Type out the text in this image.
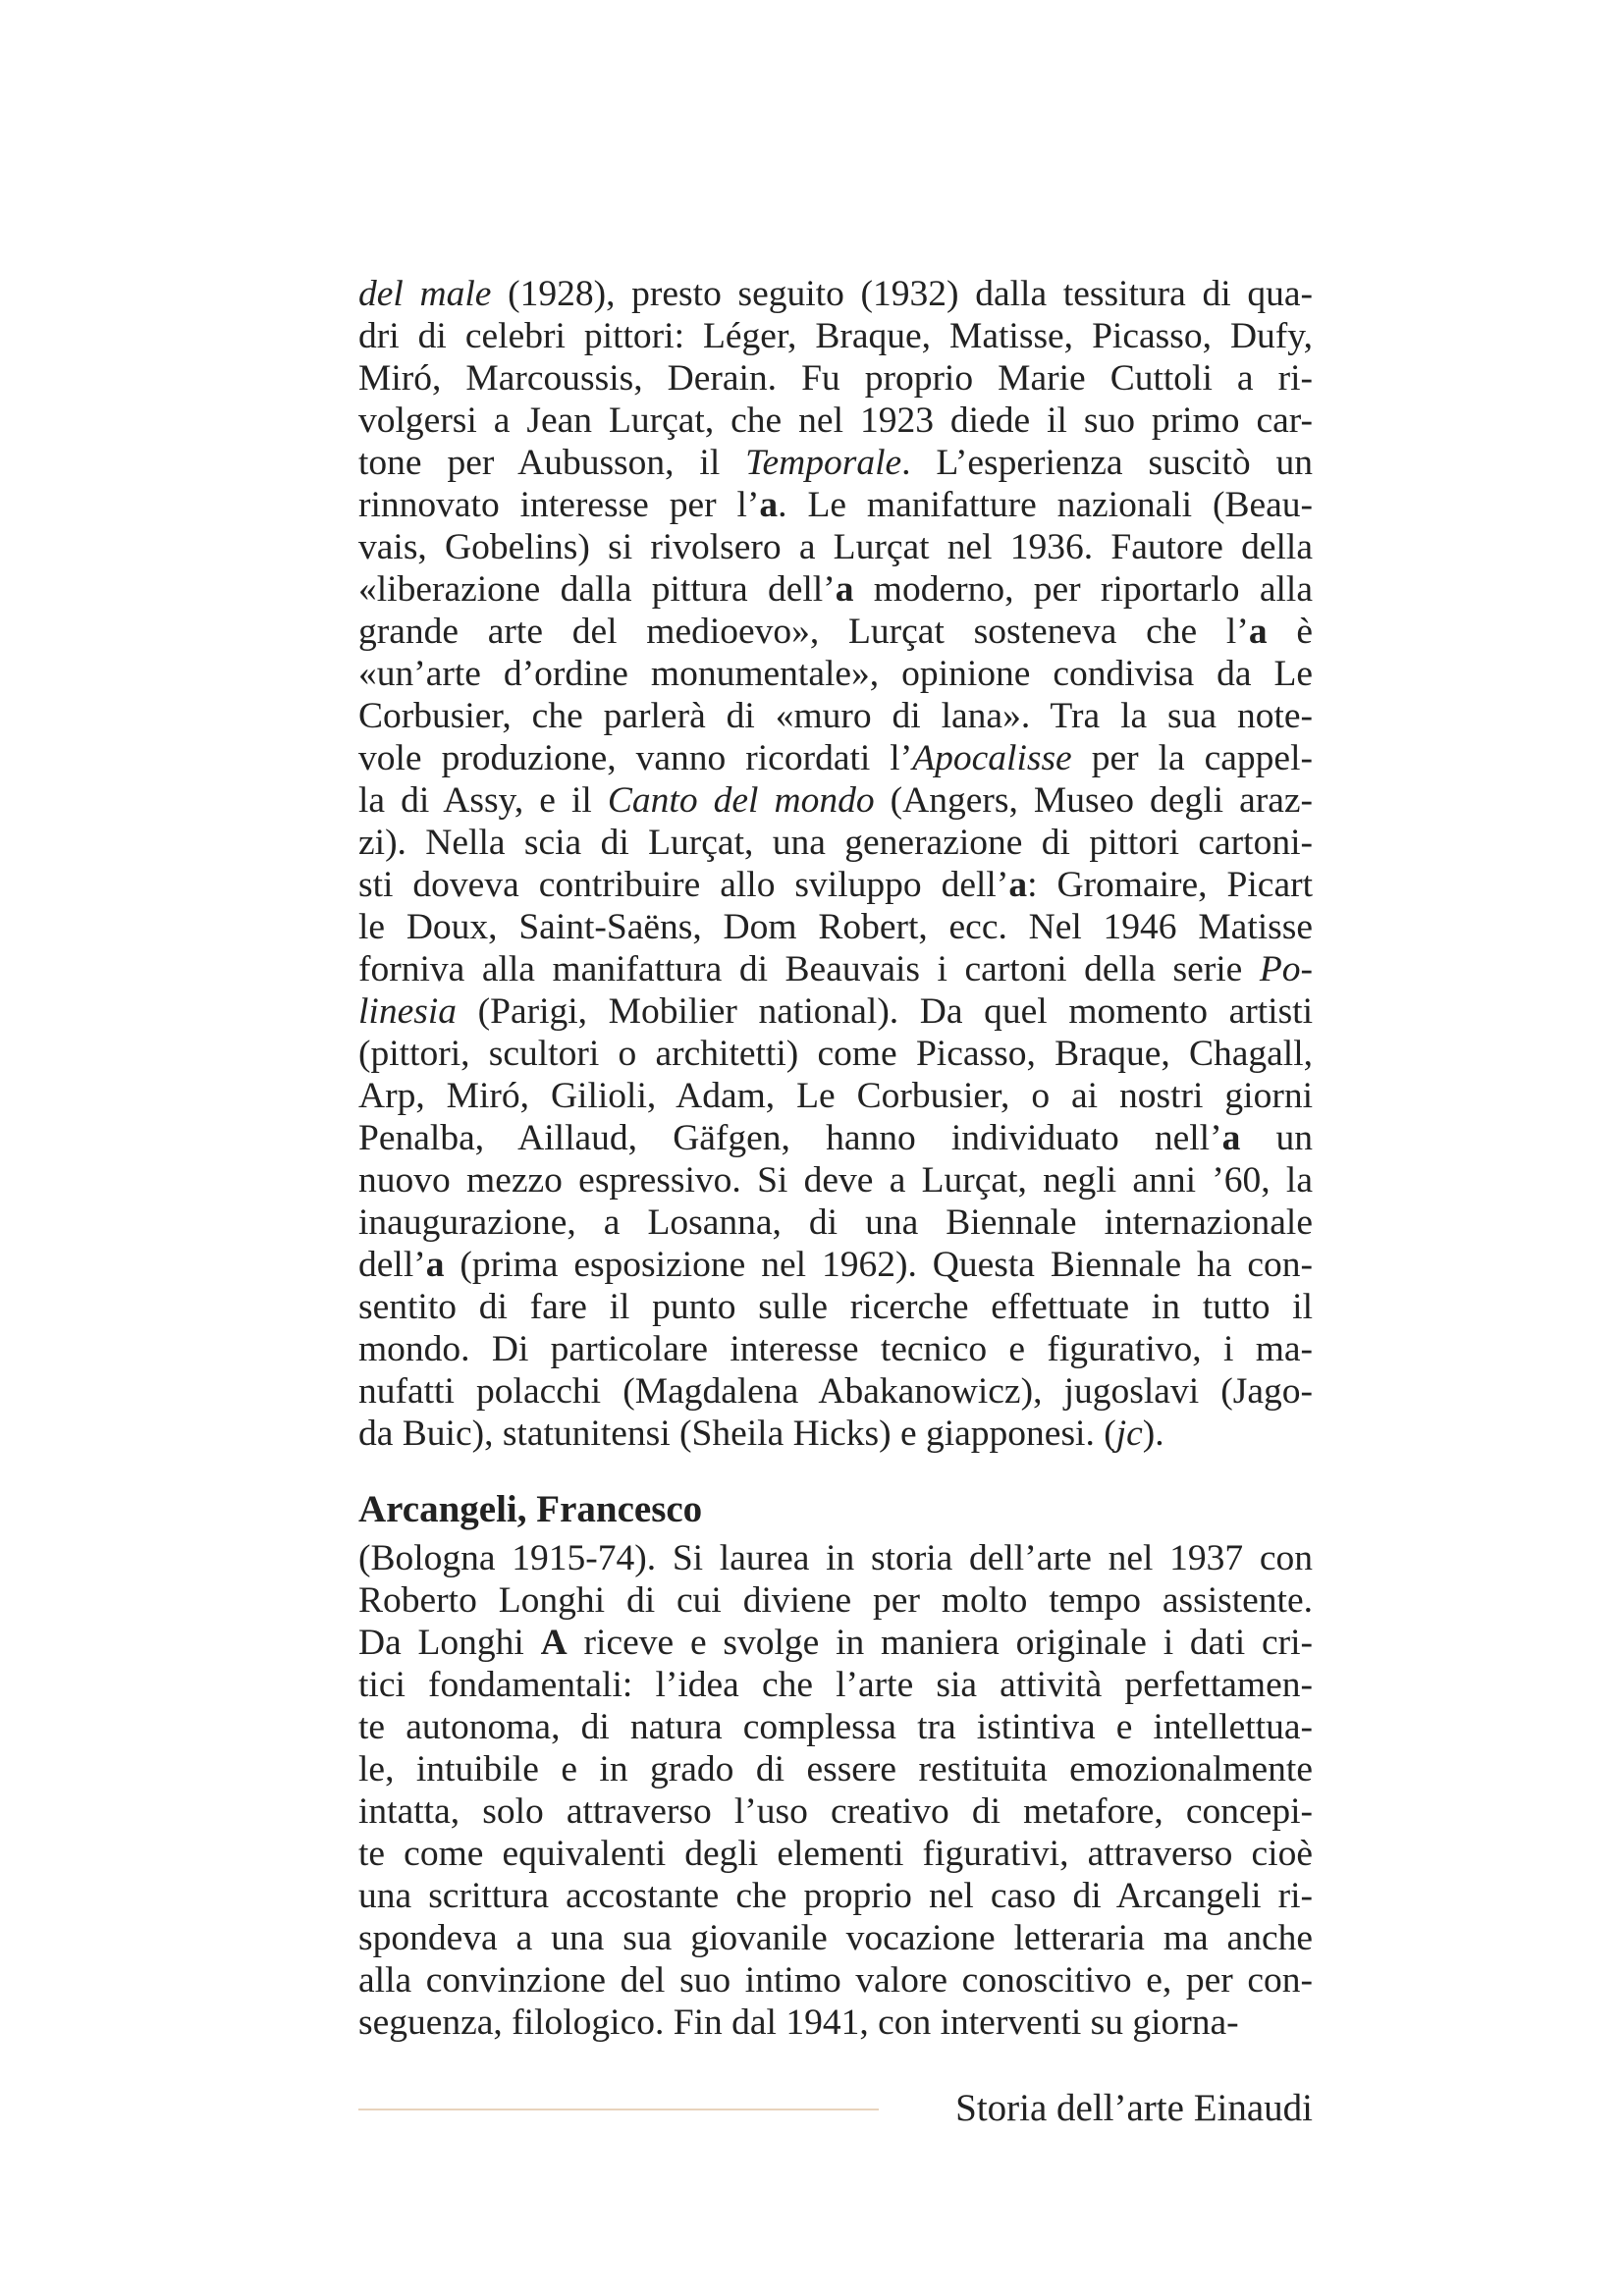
del male (1928), presto seguito (1932) dalla tessitura di qua-
dri di celebri pittori: Léger, Braque, Matisse, Picasso, Dufy,
Miró, Marcoussis, Derain. Fu proprio Marie Cuttoli a ri-
volgersi a Jean Lurçat, che nel 1923 diede il suo primo car-
tone per Aubusson, il Temporale. L’esperienza suscitò un
rinnovato interesse per l’a. Le manifatture nazionali (Beau-
vais, Gobelins) si rivolsero a Lurçat nel 1936. Fautore della
«liberazione dalla pittura dell’a moderno, per riportarlo alla
grande arte del medioevo», Lurçat sosteneva che l’a è
«un’arte d’ordine monumentale», opinione condivisa da Le
Corbusier, che parlerà di «muro di lana». Tra la sua note-
vole produzione, vanno ricordati l’Apocalisse per la cappel-
la di Assy, e il Canto del mondo (Angers, Museo degli araz-
zi). Nella scia di Lurçat, una generazione di pittori cartoni-
sti doveva contribuire allo sviluppo dell’a: Gromaire, Picart
le Doux, Saint-Saëns, Dom Robert, ecc. Nel 1946 Matisse
forniva alla manifattura di Beauvais i cartoni della serie Po-
linesia (Parigi, Mobilier national). Da quel momento artisti
(pittori, scultori o architetti) come Picasso, Braque, Chagall,
Arp, Miró, Gilioli, Adam, Le Corbusier, o ai nostri giorni
Penalba, Aillaud, Gäfgen, hanno individuato nell’a un
nuovo mezzo espressivo. Si deve a Lurçat, negli anni ’60, la
inaugurazione, a Losanna, di una Biennale internazionale
dell’a (prima esposizione nel 1962). Questa Biennale ha con-
sentito di fare il punto sulle ricerche effettuate in tutto il
mondo. Di particolare interesse tecnico e figurativo, i ma-
nufatti polacchi (Magdalena Abakanowicz), jugoslavi (Jago-
da Buic), statunitensi (Sheila Hicks) e giapponesi. (jc).
Arcangeli, Francesco
(Bologna 1915-74). Si laurea in storia dell’arte nel 1937 con
Roberto Longhi di cui diviene per molto tempo assistente.
Da Longhi A riceve e svolge in maniera originale i dati cri-
tici fondamentali: l’idea che l’arte sia attività perfettamen-
te autonoma, di natura complessa tra istintiva e intellettua-
le, intuibile e in grado di essere restituita emozionalmente
intatta, solo attraverso l’uso creativo di metafore, concepi-
te come equivalenti degli elementi figurativi, attraverso cioè
una scrittura accostante che proprio nel caso di Arcangeli ri-
spondeva a una sua giovanile vocazione letteraria ma anche
alla convinzione del suo intimo valore conoscitivo e, per con-
seguenza, filologico. Fin dal 1941, con interventi su giorna-
Storia dell’arte Einaudi
